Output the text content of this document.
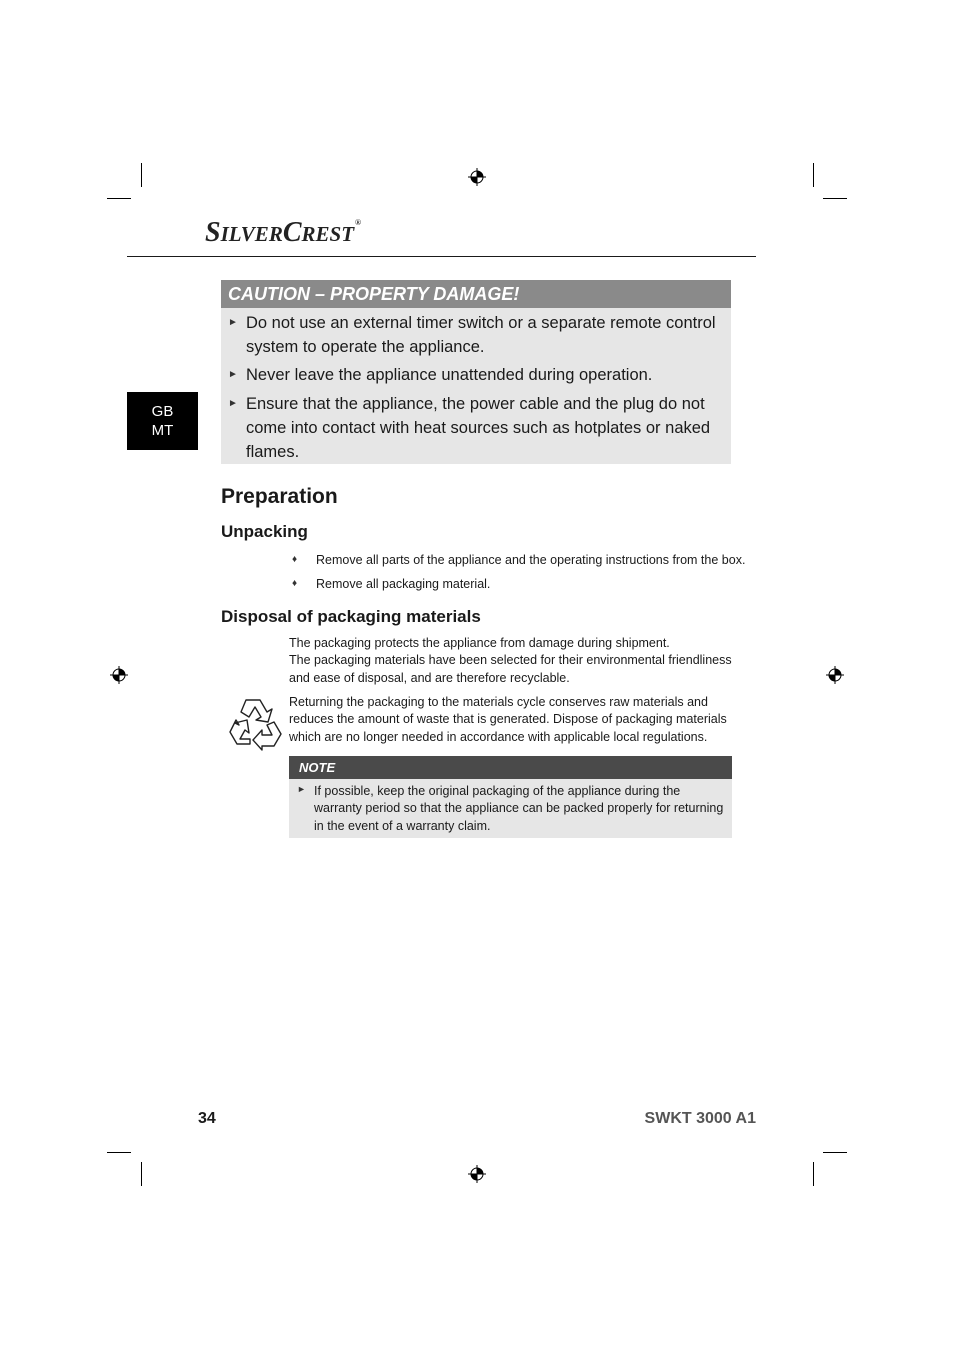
SILVERCREST®
GB
MT
CAUTION – PROPERTY DAMAGE!
► Do not use an external timer switch or a separate remote control system to operate the appliance.
► Never leave the appliance unattended during operation.
► Ensure that the appliance, the power cable and the plug do not come into contact with heat sources such as hotplates or naked flames.
Preparation
Unpacking
♦ Remove all parts of the appliance and the operating instructions from the box.
♦ Remove all packaging material.
Disposal of packaging materials
The packaging protects the appliance from damage during shipment.
The packaging materials have been selected for their environmental friendliness and ease of disposal, and are therefore recyclable.
Returning the packaging to the materials cycle conserves raw materials and reduces the amount of waste that is generated. Dispose of packaging materials which are no longer needed in accordance with applicable local regulations.
NOTE
► If possible, keep the original packaging of the appliance during the warranty period so that the appliance can be packed properly for returning in the event of a warranty claim.
34	SWKT 3000 A1
